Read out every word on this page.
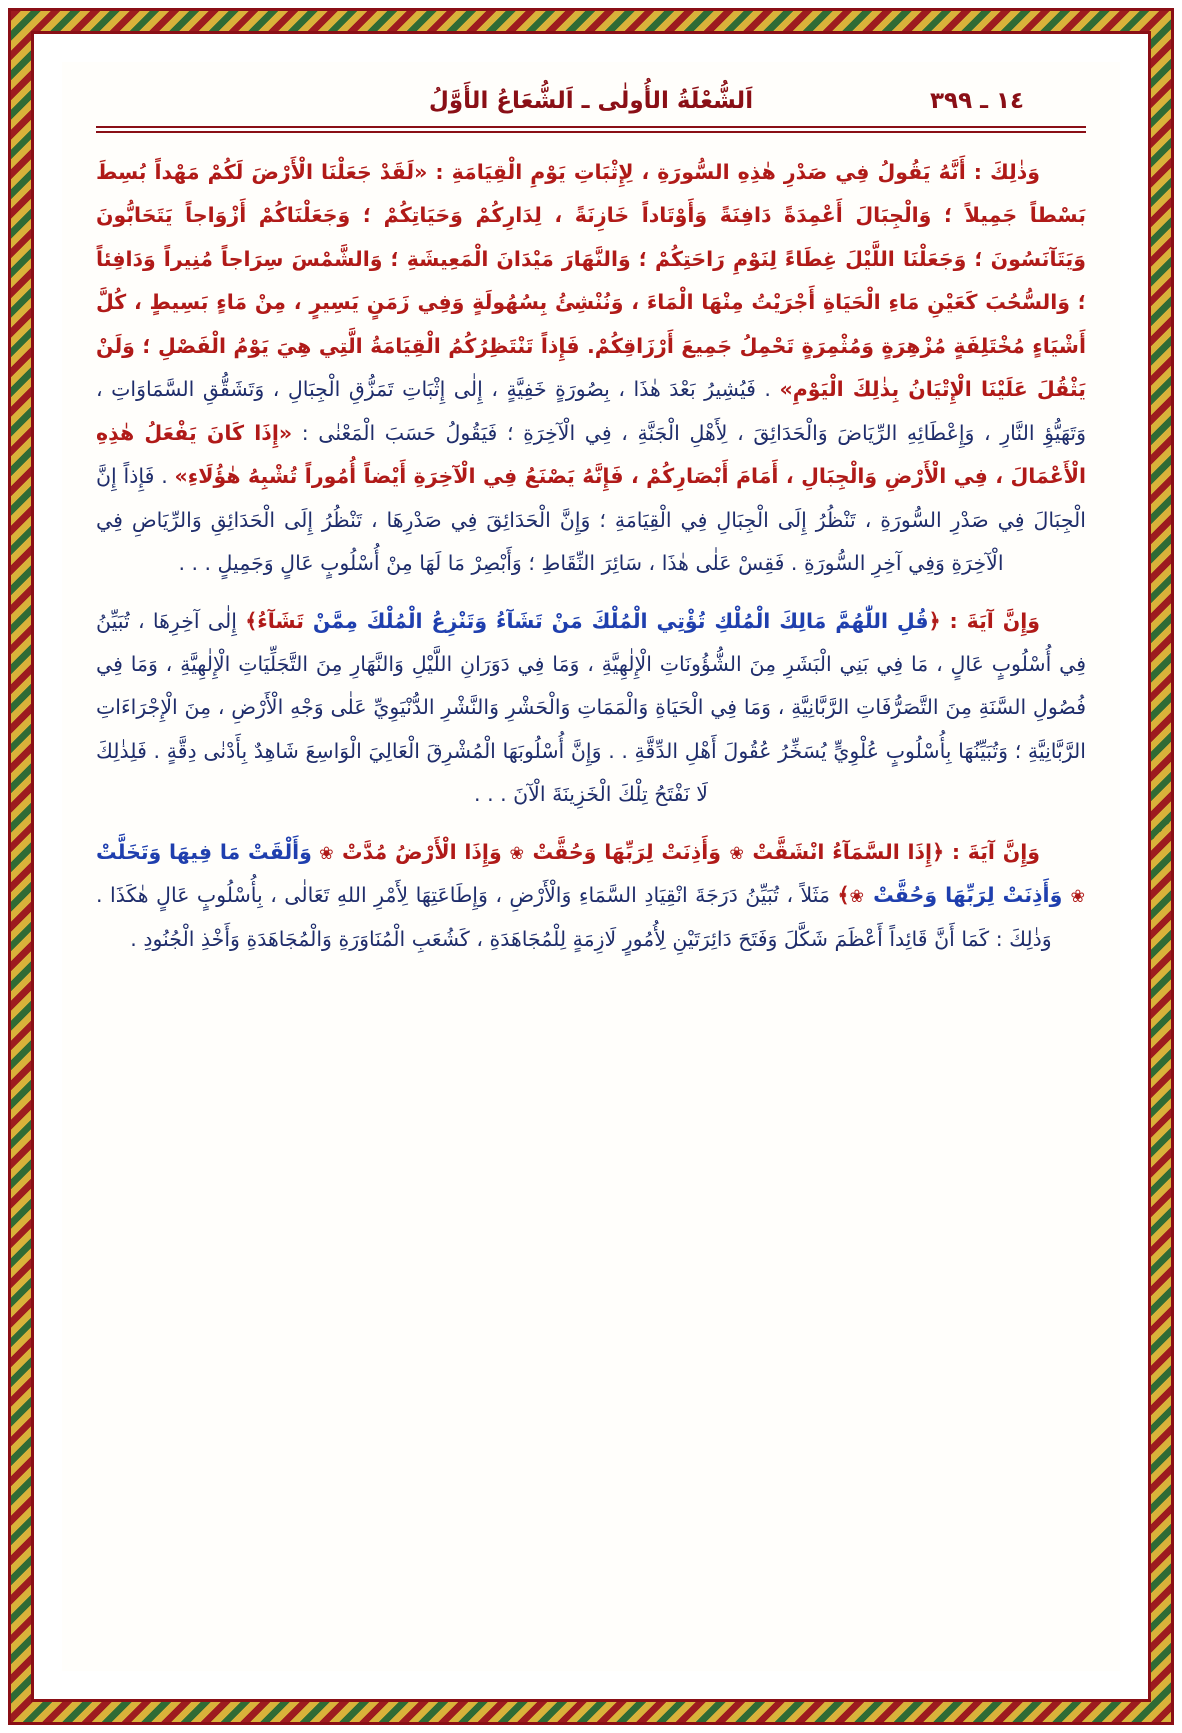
١٤ ـ ٣٩٩
اَلشُّعْلَةُ الأُولٰى ـ اَلشُّعَاعُ الأَوَّلُ
وَذٰلِكَ : أَنَّهُ يَقُولُ فِي صَدْرِ هٰذِهِ السُّورَةِ ، لِإِثْبَاتِ يَوْمِ الْقِيَامَةِ : «لَقَدْ جَعَلْنَا الْأَرْضَ لَكُمْ مَهْداً بُسِطَ بَسْطاً جَمِيلاً ؛ وَالْجِبَالَ أَعْمِدَةً دَافِنَةً وَأَوْتَاداً خَازِنَةً ، لِدَارِكُمْ وَحَيَاتِكُمْ ؛ وَجَعَلْنَاكُمْ أَزْوَاجاً يَتَحَابُّونَ وَيَتَآنَسُونَ ؛ وَجَعَلْنَا اللَّيْلَ غِطَاءً لِنَوْمِ رَاحَتِكُمْ ؛ وَالنَّهَارَ مَيْدَانَ الْمَعِيشَةِ ؛ وَالشَّمْسَ سِرَاجاً مُنِيراً وَدَافِئاً ؛ وَالسُّحُبَ كَعَيْنِ مَاءِ الْحَيَاةِ أَجْرَيْتُ مِنْهَا الْمَاءَ ، وَنُنْشِئُ بِسُهُولَةٍ وَفِي زَمَنٍ يَسِيرٍ ، مِنْ مَاءٍ بَسِيطٍ ، كُلَّ أَشْيَاءٍ مُخْتَلِفَةٍ مُزْهِرَةٍ وَمُثْمِرَةٍ تَحْمِلُ جَمِيعَ أَرْزَاقِكُمْ. فَإِذاً تَنْتَظِرُكُمُ الْقِيَامَةُ الَّتِي هِيَ يَوْمُ الْفَصْلِ ؛ وَلَنْ يَثْقُلَ عَلَيْنَا الْإِتْيَانُ بِذٰلِكَ الْيَوْمِ» . فَيُشِيرُ بَعْدَ هٰذَا ، بِصُورَةٍ خَفِيَّةٍ ، إِلٰى إِثْبَاتِ تَمَزُّقِ الْجِبَالِ ، وَتَشَقُّقِ السَّمَاوَاتِ ، وَتَهَيُّؤِ النَّارِ ، وَإِعْطَائِهِ الرِّيَاضَ وَالْحَدَائِقَ ، لِأَهْلِ الْجَنَّةِ ، فِي الْآخِرَةِ ؛ فَيَقُولُ حَسَبَ الْمَعْنٰى : «إِذَا كَانَ يَفْعَلُ هٰذِهِ الْأَعْمَالَ ، فِي الْأَرْضِ وَالْجِبَالِ ، أَمَامَ أَبْصَارِكُمْ ، فَإِنَّهُ يَصْنَعُ فِي الْآخِرَةِ أَيْضاً أُمُوراً تُشْبِهُ هٰؤُلَاءِ» . فَإِذاً إِنَّ الْجِبَالَ فِي صَدْرِ السُّورَةِ ، تَنْظُرُ إِلَى الْجِبَالِ فِي الْقِيَامَةِ ؛ وَإِنَّ الْحَدَائِقَ فِي صَدْرِهَا ، تَنْظُرُ إِلَى الْحَدَائِقِ وَالرِّيَاضِ فِي الْآخِرَةِ وَفِي آخِرِ السُّورَةِ . فَقِسْ عَلٰى هٰذَا ، سَائِرَ النِّقَاطِ ؛ وَأَبْصِرْ مَا لَهَا مِنْ أُسْلُوبٍ عَالٍ وَجَمِيلٍ . . .
وَإِنَّ آيَةَ : ﴿قُلِ اللّٰهُمَّ مَالِكَ الْمُلْكِ تُؤْتِي الْمُلْكَ مَنْ تَشَآءُ وَتَنْزِعُ الْمُلْكَ مِمَّنْ تَشَآءُ﴾ إِلٰى آخِرِهَا ، تُبَيِّنُ فِي أُسْلُوبٍ عَالٍ ، مَا فِي بَنِي الْبَشَرِ مِنَ الشُّؤُونَاتِ الْإِلٰهِيَّةِ ، وَمَا فِي دَوَرَانِ اللَّيْلِ وَالنَّهَارِ مِنَ التَّجَلِّيَاتِ الْإِلٰهِيَّةِ ، وَمَا فِي فُصُولِ السَّنَةِ مِنَ التَّصَرُّفَاتِ الرَّبَّانِيَّةِ ، وَمَا فِي الْحَيَاةِ وَالْمَمَاتِ وَالْحَشْرِ وَالنَّشْرِ الدُّنْيَوِيِّ عَلٰى وَجْهِ الْأَرْضِ ، مِنَ الْإِجْرَاءَاتِ الرَّبَّانِيَّةِ ؛ وَتُبَيِّنُهَا بِأُسْلُوبٍ عُلْوِيٍّ يُسَخِّرُ عُقُولَ أَهْلِ الدِّقَّةِ . . وَإِنَّ أُسْلُوبَهَا الْمُشْرِقَ الْعَالِيَ الْوَاسِعَ شَاهِدٌ بِأَدْنٰى دِقَّةٍ . فَلِذٰلِكَ لَا نَفْتَحُ تِلْكَ الْخَزِينَةَ الْآنَ . . .
وَإِنَّ آيَةَ : ﴿إِذَا السَّمَآءُ انْشَقَّتْ ❀ وَأَذِنَتْ لِرَبِّهَا وَحُقَّتْ ❀ وَإِذَا الْأَرْضُ مُدَّتْ ❀ وَأَلْقَتْ مَا فِيهَا وَتَخَلَّتْ ❀ وَأَذِنَتْ لِرَبِّهَا وَحُقَّتْ ❀﴾ مَثَلاً ، تُبَيِّنُ دَرَجَةَ انْقِيَادِ السَّمَاءِ وَالْأَرْضِ ، وَإِطَاعَتِهَا لِأَمْرِ اللهِ تَعَالٰى ، بِأُسْلُوبٍ عَالٍ هٰكَذَا . وَذٰلِكَ : كَمَا أَنَّ قَائِداً أَعْظَمَ شَكَّلَ وَفَتَحَ دَائِرَتَيْنِ لِأُمُورٍ لَازِمَةٍ لِلْمُجَاهَدَةِ ، كَشُعَبِ الْمُنَاوَرَةِ وَالْمُجَاهَدَةِ وَأَخْذِ الْجُنُودِ .
